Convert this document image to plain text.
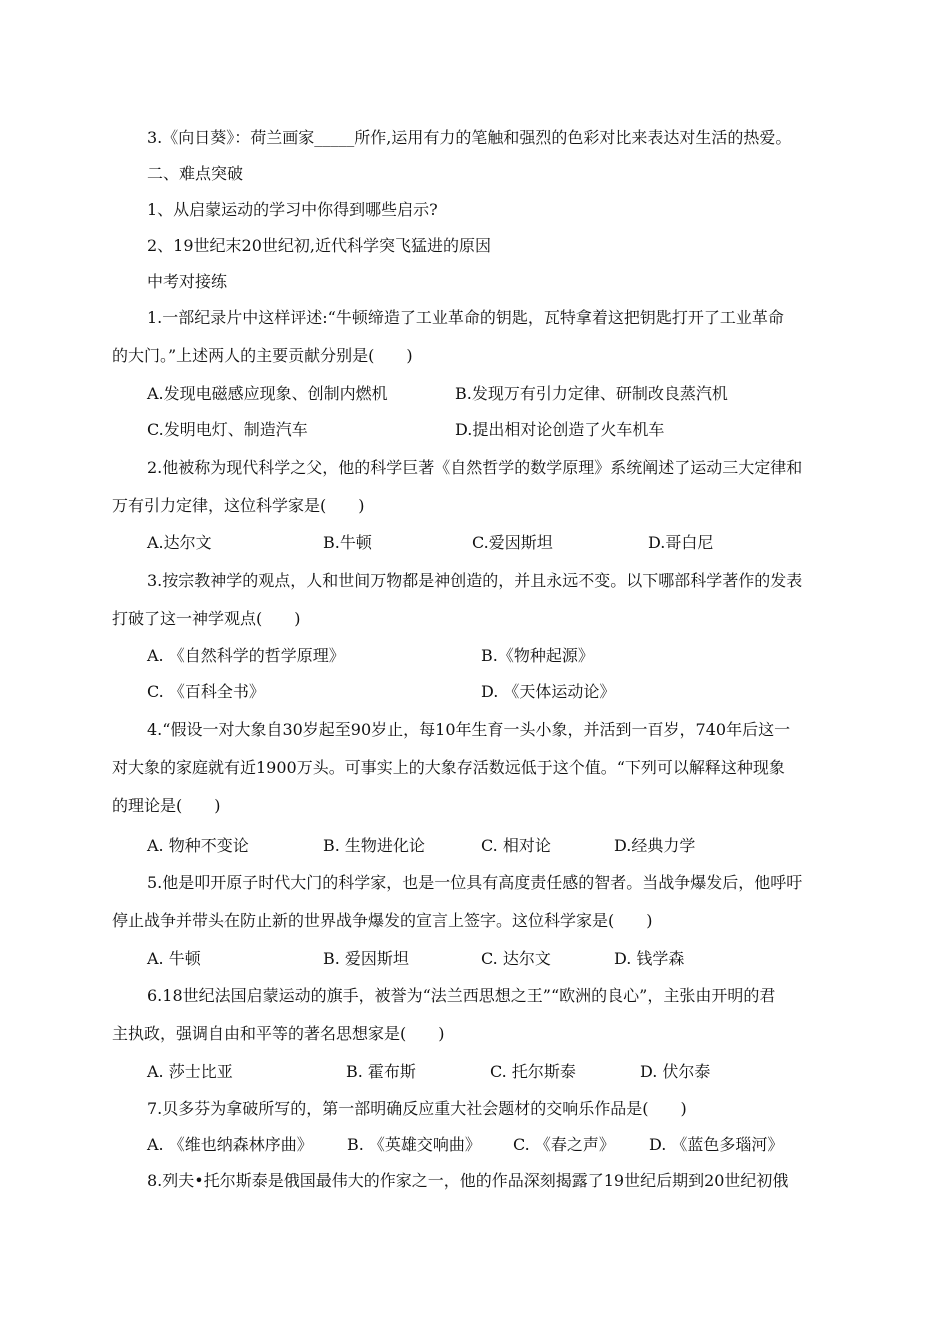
3.《向日葵》：荷兰画家_____所作,运用有力的笔触和强烈的色彩对比来表达对生活的热爱。
二、难点突破
1、从启蒙运动的学习中你得到哪些启示?
2、19世纪末20世纪初,近代科学突飞猛进的原因
中考对接练
1.一部纪录片中这样评述:“牛顿缔造了工业革命的钥匙，瓦特拿着这把钥匙打开了工业革命
的大门。”上述两人的主要贡献分别是(　　)
A.发现电磁感应现象、创制内燃机	B.发现万有引力定律、研制改良蒸汽机
C.发明电灯、制造汽车	D.提出相对论创造了火车机车
2.他被称为现代科学之父，他的科学巨著《自然哲学的数学原理》系统阐述了运动三大定律和
万有引力定律，这位科学家是(　　)
A.达尔文	B.牛顿	C.爱因斯坦	D.哥白尼
3.按宗教神学的观点，人和世间万物都是神创造的，并且永远不变。以下哪部科学著作的发表
打破了这一神学观点(　　)
A. 《自然科学的哲学原理》	B.《物种起源》
C. 《百科全书》	D. 《天体运动论》
4.“假设一对大象自30岁起至90岁止，每10年生育一头小象，并活到一百岁，740年后这一
对大象的家庭就有近1900万头。可事实上的大象存活数远低于这个值。“下列可以解释这种现象
的理论是(　　)
A. 物种不变论	B. 生物进化论	C. 相对论	D.经典力学
5.他是叩开原子时代大门的科学家，也是一位具有高度责任感的智者。当战争爆发后，他呼吁
停止战争并带头在防止新的世界战争爆发的宣言上签字。这位科学家是(　　)
A. 牛顿	B. 爱因斯坦	C. 达尔文	D. 钱学森
6.18世纪法国启蒙运动的旗手，被誉为“法兰西思想之王”“欧洲的良心”，主张由开明的君
主执政，强调自由和平等的著名思想家是(　　)
A. 莎士比亚	B. 霍布斯	C. 托尔斯泰	D. 伏尔泰
7.贝多芬为拿破所写的，第一部明确反应重大社会题材的交响乐作品是(　　)
A. 《维也纳森林序曲》 B. 《英雄交响曲》 C. 《春之声》 D. 《蓝色多瑙河》
8.列夫•托尔斯泰是俄国最伟大的作家之一，他的作品深刻揭露了19世纪后期到20世纪初俄
